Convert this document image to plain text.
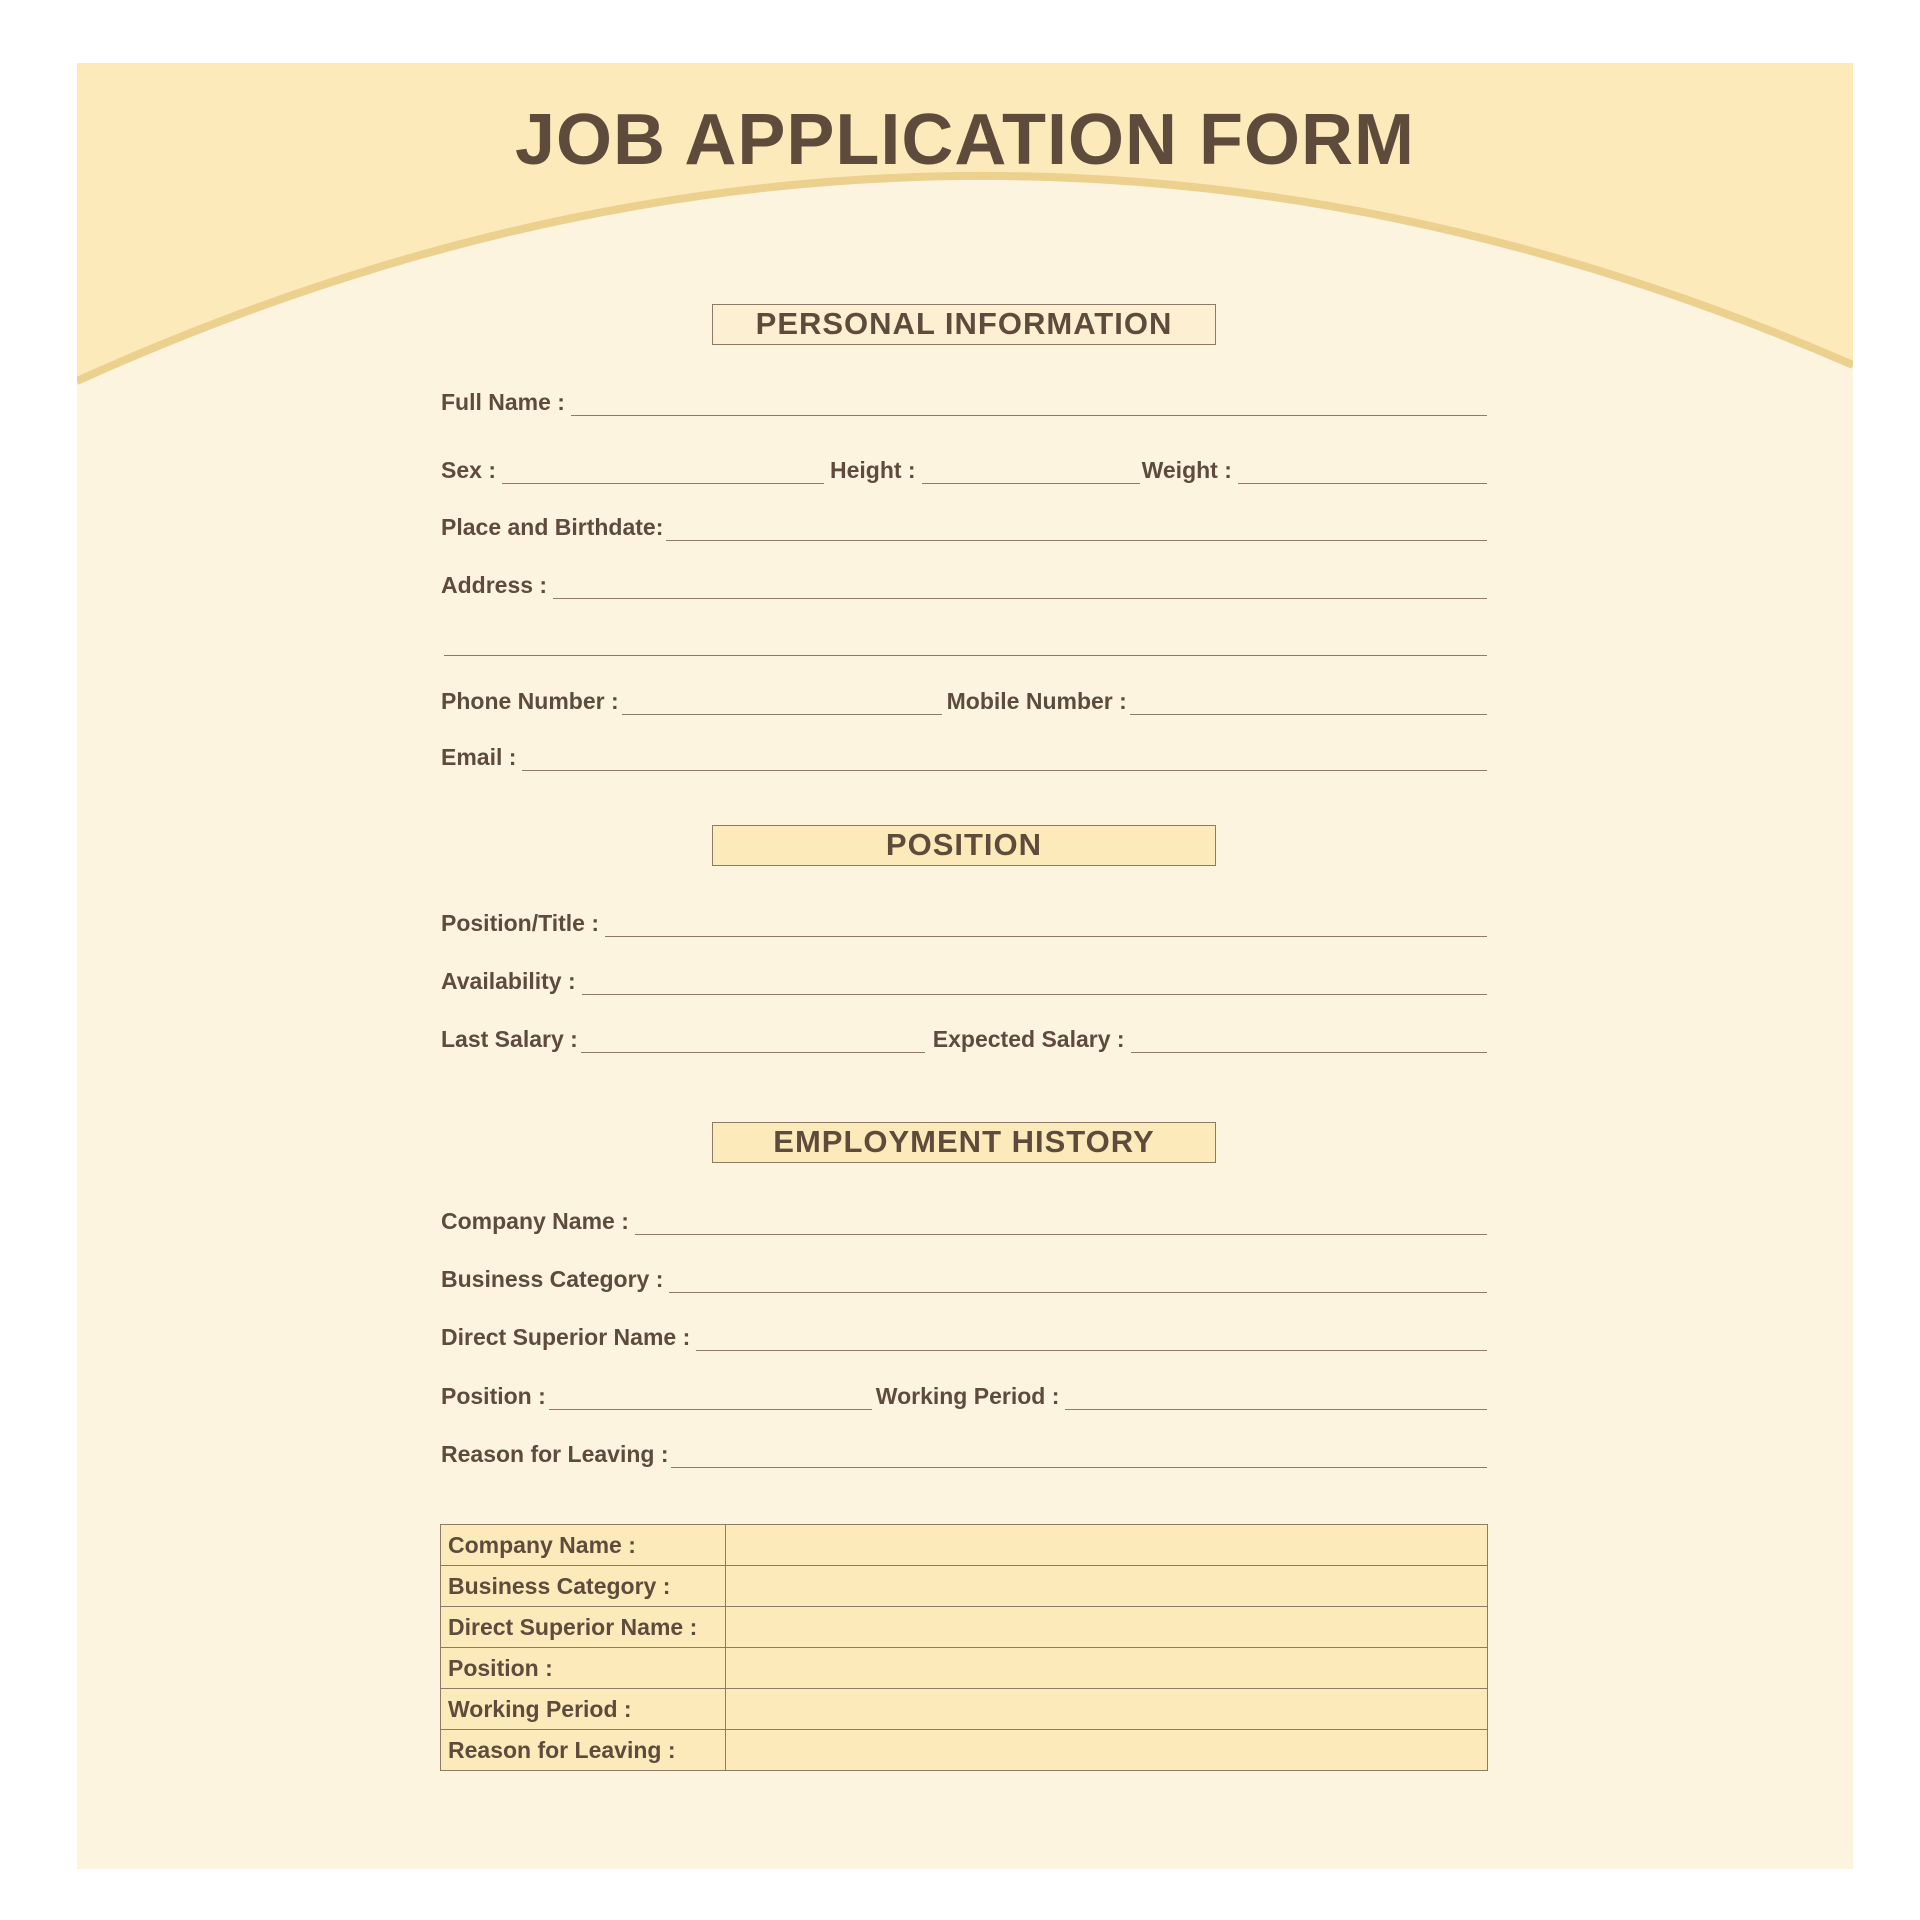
JOB APPLICATION FORM
PERSONAL INFORMATION
Full Name :
Sex :	Height :	Weight :
Place and Birthdate:
Address :
Phone Number :	Mobile Number :
Email :
POSITION
Position/Title :
Availability :
Last Salary :	Expected Salary :
EMPLOYMENT HISTORY
Company Name :
Business Category :
Direct Superior Name :
Position :	Working Period :
Reason for Leaving :
Company Name :	
Business Category :	
Direct Superior Name :	
Position :	
Working Period :	
Reason for Leaving :	
